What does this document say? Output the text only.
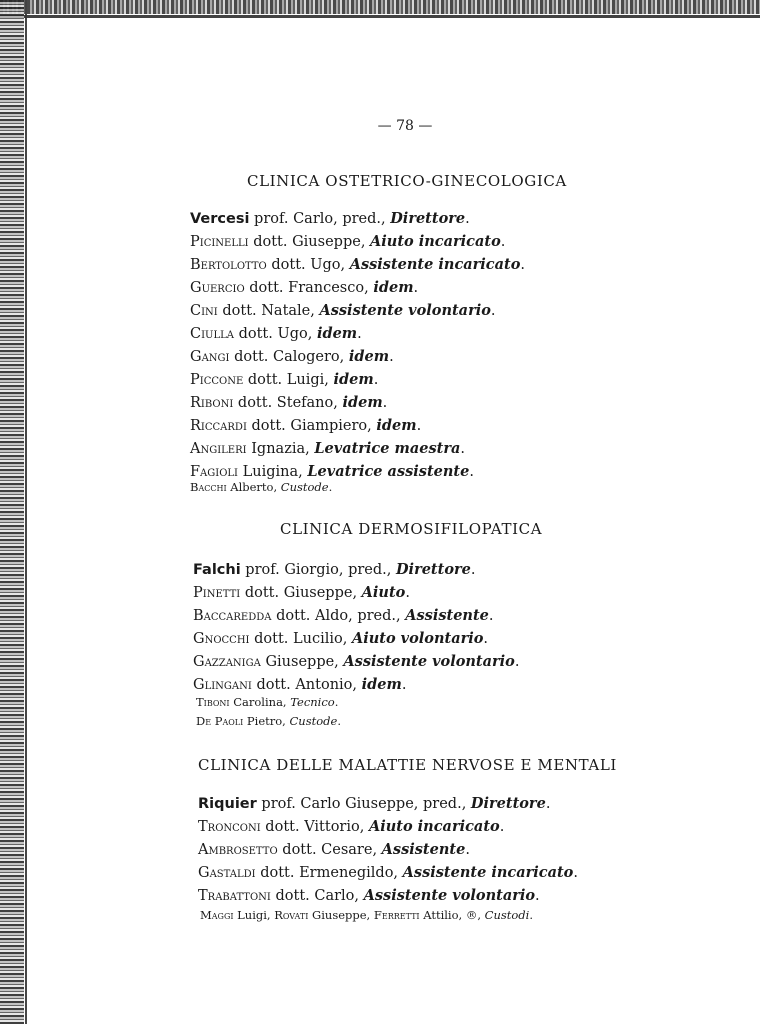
— 78 —
CLINICA OSTETRICO-GINECOLOGICA
Vercesi prof. Carlo, pred., Direttore.
Picinelli dott. Giuseppe, Aiuto incaricato.
Bertolotto dott. Ugo, Assistente incaricato.
Guercio dott. Francesco, idem.
Cini dott. Natale, Assistente volontario.
Ciulla dott. Ugo, idem.
Gangi dott. Calogero, idem.
Piccone dott. Luigi, idem.
Riboni dott. Stefano, idem.
Riccardi dott. Giampiero, idem.
Angileri Ignazia, Levatrice maestra.
Fagioli Luigina, Levatrice assistente.
Bacchi Alberto, Custode.
CLINICA DERMOSIFILOPATICA
Falchi prof. Giorgio, pred., Direttore.
Pinetti dott. Giuseppe, Aiuto.
Baccaredda dott. Aldo, pred., Assistente.
Gnocchi dott. Lucilio, Aiuto volontario.
Gazzaniga Giuseppe, Assistente volontario.
Glingani dott. Antonio, idem.
Tiboni Carolina, Tecnico.
De Paoli Pietro, Custode.
CLINICA DELLE MALATTIE NERVOSE E MENTALI
Riquier prof. Carlo Giuseppe, pred., Direttore.
Tronconi dott. Vittorio, Aiuto incaricato.
Ambrosetto dott. Cesare, Assistente.
Gastaldi dott. Ermenegildo, Assistente incaricato.
Trabattoni dott. Carlo, Assistente volontario.
Maggi Luigi, Rovati Giuseppe, Ferretti Attilio, ®, Custodi.
